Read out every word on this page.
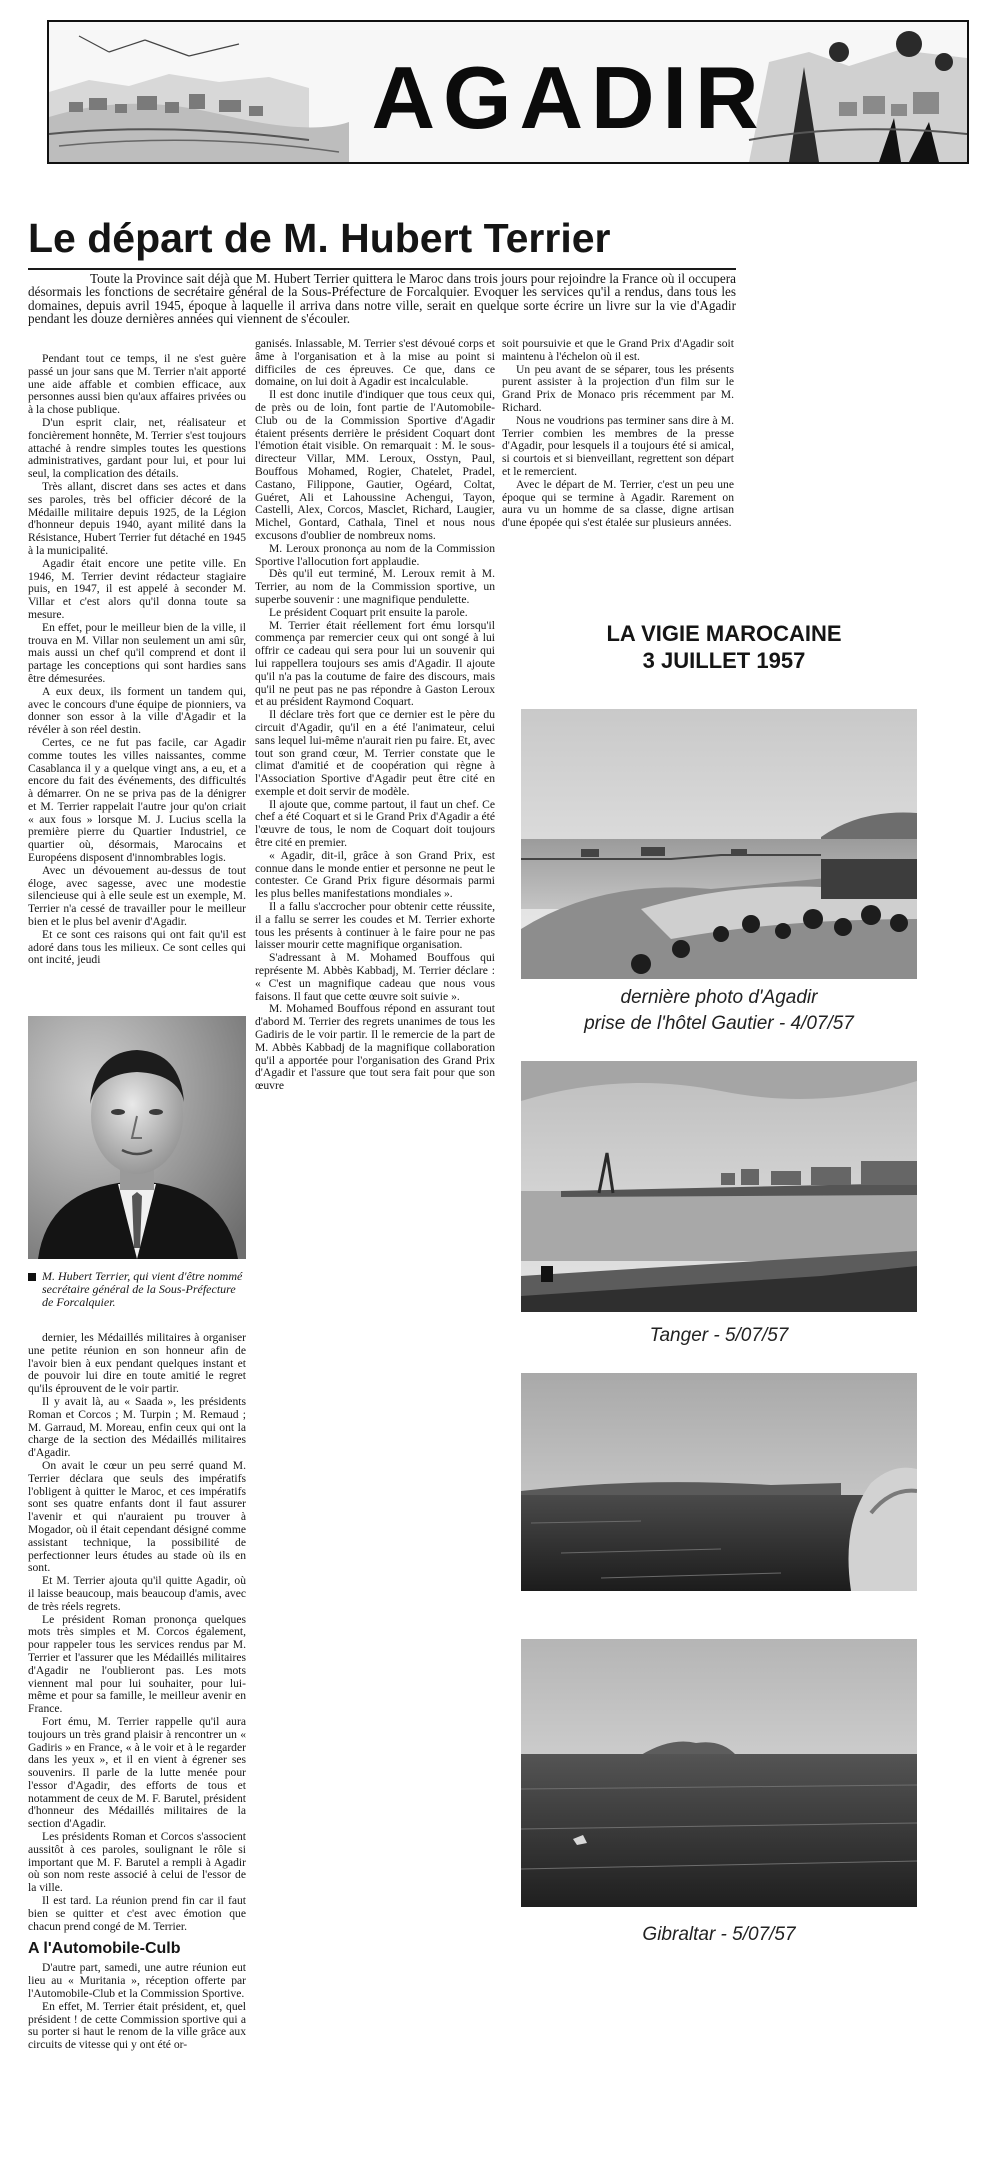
AGADIR
Le départ de M. Hubert Terrier

Toute la Province sait déjà que M. Hubert Terrier quittera le Maroc dans trois jours pour rejoindre la France où il occupera désormais les fonctions de secrétaire général de la Sous-Préfecture de Forcalquier. Evoquer les services qu'il a rendus, dans tous les domaines, depuis avril 1945, époque à laquelle il arriva dans notre ville, serait en quelque sorte écrire un livre sur la vie d'Agadir pendant les douze dernières années qui viennent de s'écouler.

Pendant tout ce temps, il ne s'est guère passé un jour sans que M. Terrier n'ait apporté une aide affable et combien efficace, aux personnes aussi bien qu'aux affaires privées ou à la chose publique.

D'un esprit clair, net, réalisateur et foncièrement honnête, M. Terrier s'est toujours attaché à rendre simples toutes les questions administratives, gardant pour lui, et pour lui seul, la complication des détails.

Très allant, discret dans ses actes et dans ses paroles, très bel officier décoré de la Médaille militaire depuis 1925, de la Légion d'honneur depuis 1940, ayant milité dans la Résistance, Hubert Terrier fut détaché en 1945 à la municipalité.

Agadir était encore une petite ville. En 1946, M. Terrier devint rédacteur stagiaire puis, en 1947, il est appelé à seconder M. Villar et c'est alors qu'il donna toute sa mesure.

En effet, pour le meilleur bien de la ville, il trouva en M. Villar non seulement un ami sûr, mais aussi un chef qu'il comprend et dont il partage les conceptions qui sont hardies sans être démesurées.

A eux deux, ils forment un tandem qui, avec le concours d'une équipe de pionniers, va donner son essor à la ville d'Agadir et la révéler à son réel destin.

Certes, ce ne fut pas facile, car Agadir comme toutes les villes naissantes, comme Casablanca il y a quelque vingt ans, a eu, et a encore du fait des événements, des difficultés à démarrer. On ne se priva pas de la dénigrer et M. Terrier rappelait l'autre jour qu'on criait « aux fous » lorsque M. J. Lucius scella la première pierre du Quartier Industriel, ce quartier où, désormais, Marocains et Européens disposent d'innombrables logis.

Avec un dévouement au-dessus de tout éloge, avec sagesse, avec une modestie silencieuse qui à elle seule est un exemple, M. Terrier n'a cessé de travailler pour le meilleur bien et le plus bel avenir d'Agadir.

Et ce sont ces raisons qui ont fait qu'il est adoré dans tous les milieux. Ce sont celles qui ont incité, jeudi

M. Hubert Terrier, qui vient d'être nommé secrétaire général de la Sous-Préfecture de Forcalquier.

dernier, les Médaillés militaires à organiser une petite réunion en son honneur afin de l'avoir bien à eux pendant quelques instant et de pouvoir lui dire en toute amitié le regret qu'ils éprouvent de le voir partir.

Il y avait là, au « Saada », les présidents Roman et Corcos ; M. Turpin ; M. Remaud ; M. Garraud, M. Moreau, enfin ceux qui ont la charge de la section des Médaillés militaires d'Agadir.

On avait le cœur un peu serré quand M. Terrier déclara que seuls des impératifs l'obligent à quitter le Maroc, et ces impératifs sont ses quatre enfants dont il faut assurer l'avenir et qui n'auraient pu trouver à Mogador, où il était cependant désigné comme assistant technique, la possibilité de perfectionner leurs études au stade où ils en sont.

Et M. Terrier ajouta qu'il quitte Agadir, où il laisse beaucoup, mais beaucoup d'amis, avec de très réels regrets.

Le président Roman prononça quelques mots très simples et M. Corcos également, pour rappeler tous les services rendus par M. Terrier et l'assurer que les Médaillés militaires d'Agadir ne l'oublieront pas. Les mots viennent mal pour lui souhaiter, pour lui-même et pour sa famille, le meilleur avenir en France.

Fort ému, M. Terrier rappelle qu'il aura toujours un très grand plaisir à rencontrer un « Gadiris » en France, « à le voir et à le regarder dans les yeux », et il en vient à égrener ses souvenirs. Il parle de la lutte menée pour l'essor d'Agadir, des efforts de tous et notamment de ceux de M. F. Barutel, président d'honneur des Médaillés militaires de la section d'Agadir.

Les présidents Roman et Corcos s'associent aussitôt à ces paroles, soulignant le rôle si important que M. F. Barutel a rempli à Agadir où son nom reste associé à celui de l'essor de la ville.

Il est tard. La réunion prend fin car il faut bien se quitter et c'est avec émotion que chacun prend congé de M. Terrier.

A l'Automobile-Culb

D'autre part, samedi, une autre réunion eut lieu au « Muritania », réception offerte par l'Automobile-Club et la Commission Sportive.

En effet, M. Terrier était président, et, quel président ! de cette Commission sportive qui a su porter si haut le renom de la ville grâce aux circuits de vitesse qui y ont été or-

ganisés. Inlassable, M. Terrier s'est dévoué corps et âme à l'organisation et à la mise au point si difficiles de ces épreuves. Ce que, dans ce domaine, on lui doit à Agadir est incalculable.

Il est donc inutile d'indiquer que tous ceux qui, de près ou de loin, font partie de l'Automobile-Club ou de la Commission Sportive d'Agadir étaient présents derrière le président Coquart dont l'émotion était visible. On remarquait : M. le sous-directeur Villar, MM. Leroux, Osstyn, Paul, Bouffous Mohamed, Rogier, Chatelet, Pradel, Castano, Filippone, Gautier, Ogéard, Coltat, Guéret, Ali et Lahoussine Achengui, Tayon, Castelli, Alex, Corcos, Masclet, Richard, Laugier, Michel, Gontard, Cathala, Tinel et nous nous excusons d'oublier de nombreux noms.

M. Leroux prononça au nom de la Commission Sportive l'allocution fort applaudie.

Dès qu'il eut terminé, M. Leroux remit à M. Terrier, au nom de la Commission sportive, un superbe souvenir : une magnifique pendulette.

Le président Coquart prit ensuite la parole.

M. Terrier était réellement fort ému lorsqu'il commença par remercier ceux qui ont songé à lui offrir ce cadeau qui sera pour lui un souvenir qui lui rappellera toujours ses amis d'Agadir. Il ajoute qu'il n'a pas la coutume de faire des discours, mais qu'il ne peut pas ne pas répondre à Gaston Leroux et au président Raymond Coquart.

Il déclare très fort que ce dernier est le père du circuit d'Agadir, qu'il en a été l'animateur, celui sans lequel lui-même n'aurait rien pu faire. Et, avec tout son grand cœur, M. Terrier constate que le climat d'amitié et de coopération qui règne à l'Association Sportive d'Agadir peut être cité en exemple et doit servir de modèle.

Il ajoute que, comme partout, il faut un chef. Ce chef a été Coquart et si le Grand Prix d'Agadir a été l'œuvre de tous, le nom de Coquart doit toujours être cité en premier.

« Agadir, dit-il, grâce à son Grand Prix, est connue dans le monde entier et personne ne peut le contester. Ce Grand Prix figure désormais parmi les plus belles manifestations mondiales ».

Il a fallu s'accrocher pour obtenir cette réussite, il a fallu se serrer les coudes et M. Terrier exhorte tous les présents à continuer à le faire pour ne pas laisser mourir cette magnifique organisation.

S'adressant à M. Mohamed Bouffous qui représente M. Abbès Kabbadj, M. Terrier déclare : « C'est un magnifique cadeau que nous vous faisons. Il faut que cette œuvre soit suivie ».

M. Mohamed Bouffous répond en assurant tout d'abord M. Terrier des regrets unanimes de tous les Gadiris de le voir partir. Il le remercie de la part de M. Abbès Kabbadj de la magnifique collaboration qu'il a apportée pour l'organisation des Grand Prix d'Agadir et l'assure que tout sera fait pour que son œuvre

soit poursuivie et que le Grand Prix d'Agadir soit maintenu à l'échelon où il est.

Un peu avant de se séparer, tous les présents purent assister à la projection d'un film sur le Grand Prix de Monaco pris récemment par M. Richard.

Nous ne voudrions pas terminer sans dire à M. Terrier combien les membres de la presse d'Agadir, pour lesquels il a toujours été si amical, si courtois et si bienveillant, regrettent son départ et le remercient.

Avec le départ de M. Terrier, c'est un peu une époque qui se termine à Agadir. Rarement on aura vu un homme de sa classe, digne artisan d'une épopée qui s'est étalée sur plusieurs années.

LA VIGIE MAROCAINE

3 JUILLET 1957

dernière photo d'Agadir

prise de l'hôtel Gautier - 4/07/57

Tanger - 5/07/57

Gibraltar - 5/07/57
